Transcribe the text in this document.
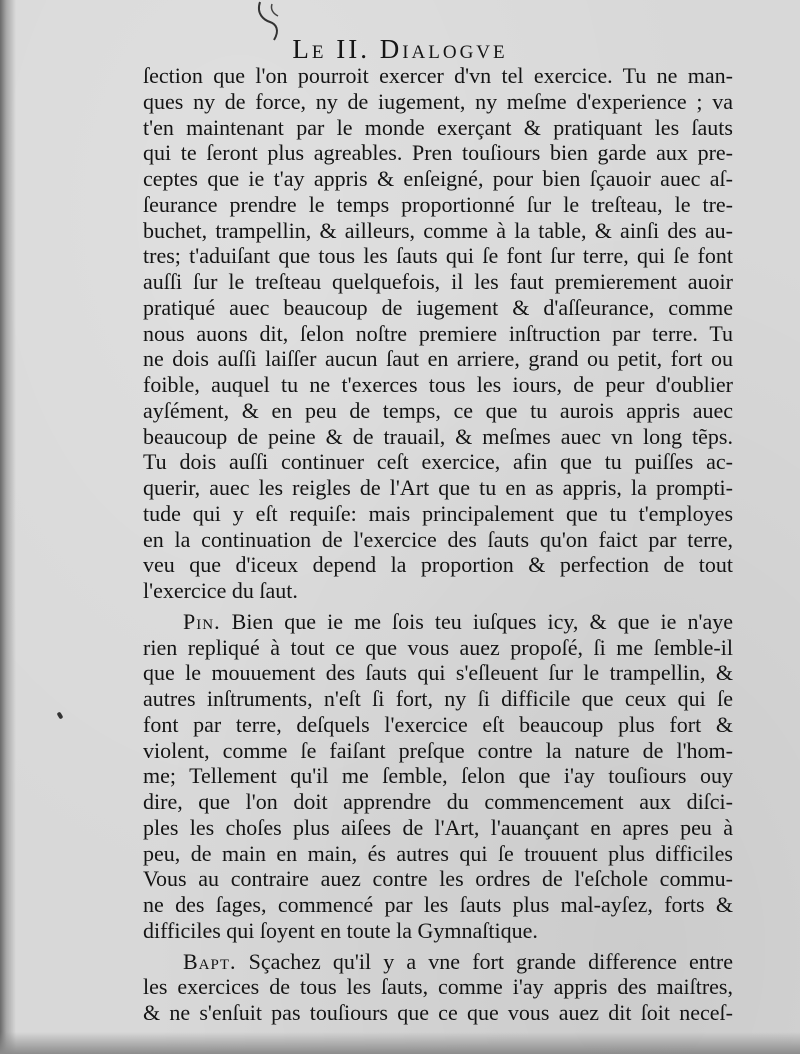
Le II. Dialogve
ſection que l'on pourroit exercer d'vn tel exercice. Tu ne man-
ques ny de force, ny de iugement, ny meſme d'experience ; va
t'en maintenant par le monde exerçant & pratiquant les ſauts
qui te ſeront plus agreables. Pren touſiours bien garde aux pre-
ceptes que ie t'ay appris & enſeigné, pour bien ſçauoir auec aſ-
ſeurance prendre le temps proportionné ſur le treſteau, le tre-
buchet, trampellin, & ailleurs, comme à la table, & ainſi des au-
tres; t'aduiſant que tous les ſauts qui ſe font ſur terre, qui ſe font
auſſi ſur le treſteau quelquefois, il les faut premierement auoir
pratiqué auec beaucoup de iugement & d'aſſeurance, comme
nous auons dit, ſelon noſtre premiere inſtruction par terre. Tu
ne dois auſſi laiſſer aucun ſaut en arriere, grand ou petit, fort ou
foible, auquel tu ne t'exerces tous les iours, de peur d'oublier
ayſément, & en peu de temps, ce que tu aurois appris auec
beaucoup de peine & de trauail, & meſmes auec vn long tẽps.
Tu dois auſſi continuer ceſt exercice, afin que tu puiſſes ac-
querir, auec les reigles de l'Art que tu en as appris, la prompti-
tude qui y eſt requiſe: mais principalement que tu t'employes
en la continuation de l'exercice des ſauts qu'on faict par terre,
veu que d'iceux depend la proportion & perfection de tout
l'exercice du ſaut.
Pin. Bien que ie me ſois teu iuſques icy, & que ie n'aye
rien repliqué à tout ce que vous auez propoſé, ſi me ſemble-il
que le mouuement des ſauts qui s'eſleuent ſur le trampellin, &
autres inſtruments, n'eſt ſi fort, ny ſi difficile que ceux qui ſe
font par terre, deſquels l'exercice eſt beaucoup plus fort &
violent, comme ſe faiſant preſque contre la nature de l'hom-
me; Tellement qu'il me ſemble, ſelon que i'ay touſiours ouy
dire, que l'on doit apprendre du commencement aux diſci-
ples les choſes plus aiſees de l'Art, l'auançant en apres peu à
peu, de main en main, és autres qui ſe trouuent plus difficiles
Vous au contraire auez contre les ordres de l'eſchole commu-
ne des ſages, commencé par les ſauts plus mal-ayſez, forts &
difficiles qui ſoyent en toute la Gymnaſtique.
Bapt. Sçachez qu'il y a vne fort grande difference entre
les exercices de tous les ſauts, comme i'ay appris des maiſtres,
& ne s'enſuit pas touſiours que ce que vous auez dit ſoit neceſ-
